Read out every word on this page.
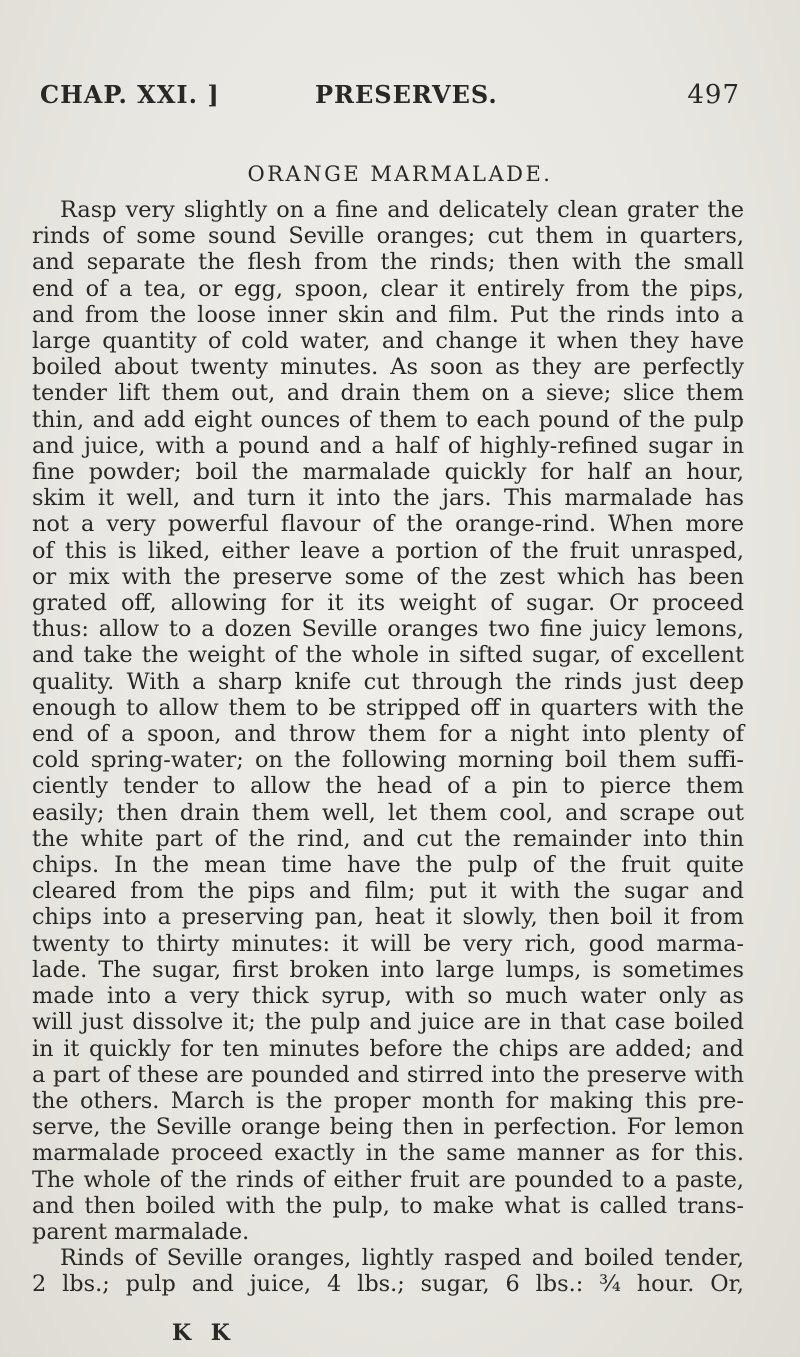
CHAP. XXI. ]	PRESERVES.	497
ORANGE MARMALADE.
Rasp very slightly on a fine and delicately clean grater the
rinds of some sound Seville oranges; cut them in quarters,
and separate the flesh from the rinds; then with the small
end of a tea, or egg, spoon, clear it entirely from the pips,
and from the loose inner skin and film. Put the rinds into a
large quantity of cold water, and change it when they have
boiled about twenty minutes. As soon as they are perfectly
tender lift them out, and drain them on a sieve; slice them
thin, and add eight ounces of them to each pound of the pulp
and juice, with a pound and a half of highly-refined sugar in
fine powder; boil the marmalade quickly for half an hour,
skim it well, and turn it into the jars. This marmalade has
not a very powerful flavour of the orange-rind. When more
of this is liked, either leave a portion of the fruit unrasped,
or mix with the preserve some of the zest which has been
grated off, allowing for it its weight of sugar. Or proceed
thus: allow to a dozen Seville oranges two fine juicy lemons,
and take the weight of the whole in sifted sugar, of excellent
quality. With a sharp knife cut through the rinds just deep
enough to allow them to be stripped off in quarters with the
end of a spoon, and throw them for a night into plenty of
cold spring-water; on the following morning boil them suffi-
ciently tender to allow the head of a pin to pierce them
easily; then drain them well, let them cool, and scrape out
the white part of the rind, and cut the remainder into thin
chips. In the mean time have the pulp of the fruit quite
cleared from the pips and film; put it with the sugar and
chips into a preserving pan, heat it slowly, then boil it from
twenty to thirty minutes: it will be very rich, good marma-
lade. The sugar, first broken into large lumps, is sometimes
made into a very thick syrup, with so much water only as
will just dissolve it; the pulp and juice are in that case boiled
in it quickly for ten minutes before the chips are added; and
a part of these are pounded and stirred into the preserve with
the others. March is the proper month for making this pre-
serve, the Seville orange being then in perfection. For lemon
marmalade proceed exactly in the same manner as for this.
The whole of the rinds of either fruit are pounded to a paste,
and then boiled with the pulp, to make what is called trans-
parent marmalade.
Rinds of Seville oranges, lightly rasped and boiled tender,
2 lbs.; pulp and juice, 4 lbs.; sugar, 6 lbs.: ¾ hour. Or,
K K
